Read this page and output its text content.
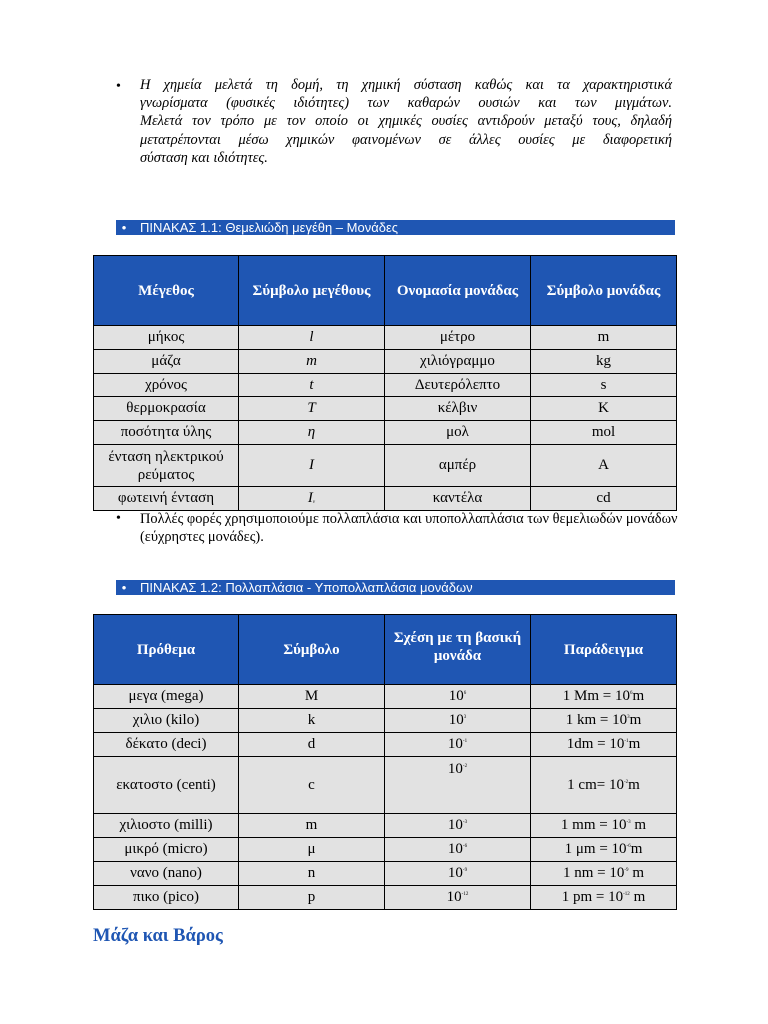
• Η χημεία μελετά τη δομή, τη χημική σύσταση καθώς και τα χαρακτηριστικά
γνωρίσματα (φυσικές ιδιότητες) των καθαρών ουσιών και των μιγμάτων.
Μελετά τον τρόπο με τον οποίο οι χημικές ουσίες αντιδρούν μεταξύ τους, δηλαδή
μετατρέπονται μέσω χημικών φαινομένων σε άλλες ουσίες με διαφορετική
σύσταση και ιδιότητες.
•	ΠΙΝΑΚΑΣ 1.1: Θεμελιώδη μεγέθη – Μονάδες
Μέγεθος	Σύμβολο μεγέθους	Ονομασία μονάδας	Σύμβολο μονάδας
μήκος	l	μέτρο	m
μάζα	m	χιλιόγραμμο	kg
χρόνος	t	Δευτερόλεπτο	s
θερμοκρασία	T	κέλβιν	K
ποσότητα ύλης	η	μολ	mol
ένταση ηλεκτρικού ρεύματος	I	αμπέρ	A
φωτεινή ένταση	$I_v$	καντέλα	cd
• Πολλές φορές χρησιμοποιούμε πολλαπλάσια και υποπολλαπλάσια των θεμελιωδών μονάδων (εύχρηστες μονάδες).
•	ΠΙΝΑΚΑΣ 1.2: Πολλαπλάσια - Υποπολλαπλάσια μονάδων
Πρόθεμα	Σύμβολο	Σχέση με τη βασική μονάδα	Παράδειγμα
μεγα (mega)	M	$10^6$	1 $Mm = 10^6m$
χιλιο (kilo)	k	$10^3$	1 km = $10^3m$
δέκατο (deci)	d	$10^{-1}$	$1dm = 10^{-1}m$
εκατοστο (centi)	c	$10^{-2}$	1 $cm= 10^{-2}m$
χιλιοστο (milli)	m	$10^{-3}$	1 mm = $10^{-3}$ m
μικρό (micro)	μ	$10^{-6}$	1 $\mu m = 10^{-6}m$
νανο (nano)	n	$10^{-9}$	1 nm = $10^{-9}$ m
πικο (pico)	p	$10^{-12}$	1 pm = $10^{-12}$ m
Μάζα και Βάρος
